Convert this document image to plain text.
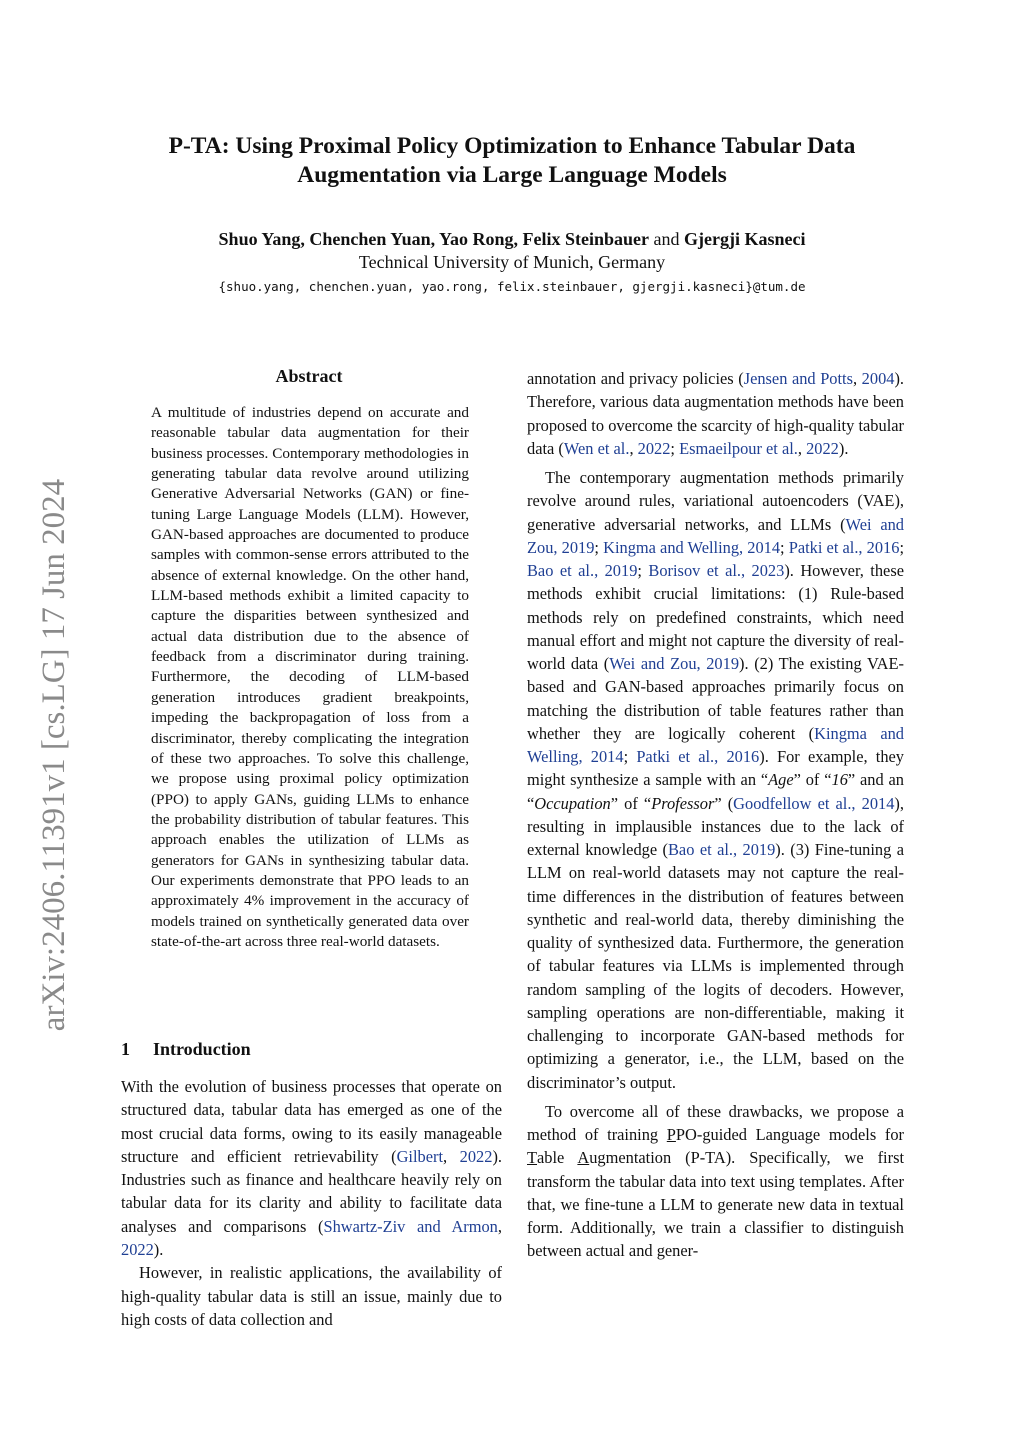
arXiv:2406.11391v1 [cs.LG] 17 Jun 2024
P-TA: Using Proximal Policy Optimization to Enhance Tabular Data
Augmentation via Large Language Models
Shuo Yang, Chenchen Yuan, Yao Rong, Felix Steinbauer and Gjergji Kasneci
Technical University of Munich, Germany
{shuo.yang, chenchen.yuan, yao.rong, felix.steinbauer, gjergji.kasneci}@tum.de
Abstract
A multitude of industries depend on accurate and reasonable tabular data augmentation for their business processes. Contemporary methodologies in generating tabular data revolve around utilizing Generative Adversarial Networks (GAN) or fine-tuning Large Language Models (LLM). However, GAN-based approaches are documented to produce samples with common-sense errors attributed to the absence of external knowledge. On the other hand, LLM-based methods exhibit a limited capacity to capture the disparities between synthesized and actual data distribution due to the absence of feedback from a discriminator during training. Furthermore, the decoding of LLM-based generation introduces gradient breakpoints, impeding the backpropagation of loss from a discriminator, thereby complicating the integration of these two approaches. To solve this challenge, we propose using proximal policy optimization (PPO) to apply GANs, guiding LLMs to enhance the probability distribution of tabular features. This approach enables the utilization of LLMs as generators for GANs in synthesizing tabular data. Our experiments demonstrate that PPO leads to an approximately 4% improvement in the accuracy of models trained on synthetically generated data over state-of-the-art across three real-world datasets.
1 Introduction

With the evolution of business processes that operate on structured data, tabular data has emerged as one of the most crucial data forms, owing to its easily manageable structure and efficient retrievability (Gilbert, 2022). Industries such as finance and healthcare heavily rely on tabular data for its clarity and ability to facilitate data analyses and comparisons (Shwartz-Ziv and Armon, 2022).

However, in realistic applications, the availability of high-quality tabular data is still an issue, mainly due to high costs of data collection and

annotation and privacy policies (Jensen and Potts, 2004). Therefore, various data augmentation methods have been proposed to overcome the scarcity of high-quality tabular data (Wen et al., 2022; Esmaeilpour et al., 2022).

The contemporary augmentation methods primarily revolve around rules, variational autoencoders (VAE), generative adversarial networks, and LLMs (Wei and Zou, 2019; Kingma and Welling, 2014; Patki et al., 2016; Bao et al., 2019; Borisov et al., 2023). However, these methods exhibit crucial limitations: (1) Rule-based methods rely on predefined constraints, which need manual effort and might not capture the diversity of real-world data (Wei and Zou, 2019). (2) The existing VAE-based and GAN-based approaches primarily focus on matching the distribution of table features rather than whether they are logically coherent (Kingma and Welling, 2014; Patki et al., 2016). For example, they might synthesize a sample with an “Age” of “16” and an “Occupation” of “Professor” (Goodfellow et al., 2014), resulting in implausible instances due to the lack of external knowledge (Bao et al., 2019). (3) Fine-tuning a LLM on real-world datasets may not capture the real-time differences in the distribution of features between synthetic and real-world data, thereby diminishing the quality of synthesized data. Furthermore, the generation of tabular features via LLMs is implemented through random sampling of the logits of decoders. However, sampling operations are non-differentiable, making it challenging to incorporate GAN-based methods for optimizing a generator, i.e., the LLM, based on the discriminator’s output.

To overcome all of these drawbacks, we propose a method of training PPO-guided Language models for Table Augmentation (P-TA). Specifically, we first transform the tabular data into text using templates. After that, we fine-tune a LLM to generate new data in textual form. Additionally, we train a classifier to distinguish between actual and gener-
